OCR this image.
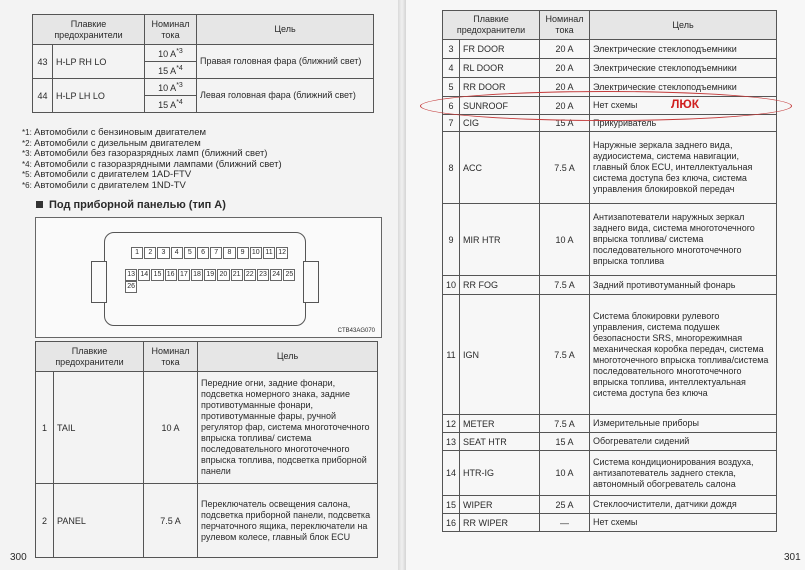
Плавкие предохранители		Номинал тока	Цель
43	H-LP RH LO	10 $A^{*3}$	Правая головная фара (ближний свет)
		15 $A^{*4}$
44	H-LP LH LO	10 $A^{*3}$	Левая головная фара (ближний свет)
		15 $A^{*4}$
*1: Автомобили с бензиновым двигателем
*2: Автомобили с дизельным двигателем
*3: Автомобили без газоразрядных ламп (ближний свет)
*4: Автомобили с газоразрядными лампами (ближний свет)
*5: Автомобили с двигателем 1AD-FTV
*6: Автомобили с двигателем 1ND-TV
Под приборной панелью (тип A)
1 2 3 4 5 6 7 8 9 10 11 12
13 14 15 16 17 18 19 20 21 22 23 24 2526
CTB43AG070
Плавкие предохранители		Номинал тока	Цель
1	TAIL	10 A	Передние огни, задние фонари, подсветка номерного знака, задние противотуманные фонари, противотуманные фары, ручной регулятор фар, система многоточечного впрыска топлива/ система последовательного многоточечного впрыска топлива, подсветка приборной панели
2	PANEL	7.5 A	Переключатель освещения салона, подсветка приборной панели, подсветка перчаточного ящика, переключатели на рулевом колесе, главный блок ECU
Плавкие предохранители		Номинал тока	Цель
3	FR DOOR	20 A	Электрические стеклоподъемники
4	RL DOOR	20 A	Электрические стеклоподъемники
5	RR DOOR	20 A	Электрические стеклоподъемники
6	SUNROOF	20 A	Нет схемы
7	CIG	15 A	Прикуриватель
8	ACC	7.5 A	Наружные зеркала заднего вида, аудиосистема, система навигации, главный блок ECU, интеллектуальная система доступа без ключа, система управления блокировкой передач
9	MIR HTR	10 A	Антизапотеватели наружных зеркал заднего вида, система многоточечного впрыска топлива/ система последовательного многоточечного впрыска топлива
10	RR FOG	7.5 A	Задний противотуманный фонарь
11	IGN	7.5 A	Система блокировки рулевого управления, система подушек безопасности SRS, многорежимная механическая коробка передач, система многоточечного впрыска топлива/система последовательного многоточечного впрыска топлива, интеллектуальная система доступа без ключа
12	METER	7.5 A	Измерительные приборы
13	SEAT HTR	15 A	Обогреватели сидений
14	HTR-IG	10 A	Система кондиционирования воздуха, антизапотеватель заднего стекла, автономный обогреватель салона
15	WIPER	25 A	Стеклоочистители, датчики дождя
16	RR WIPER	—	Нет схемы
ЛЮК
300	301
